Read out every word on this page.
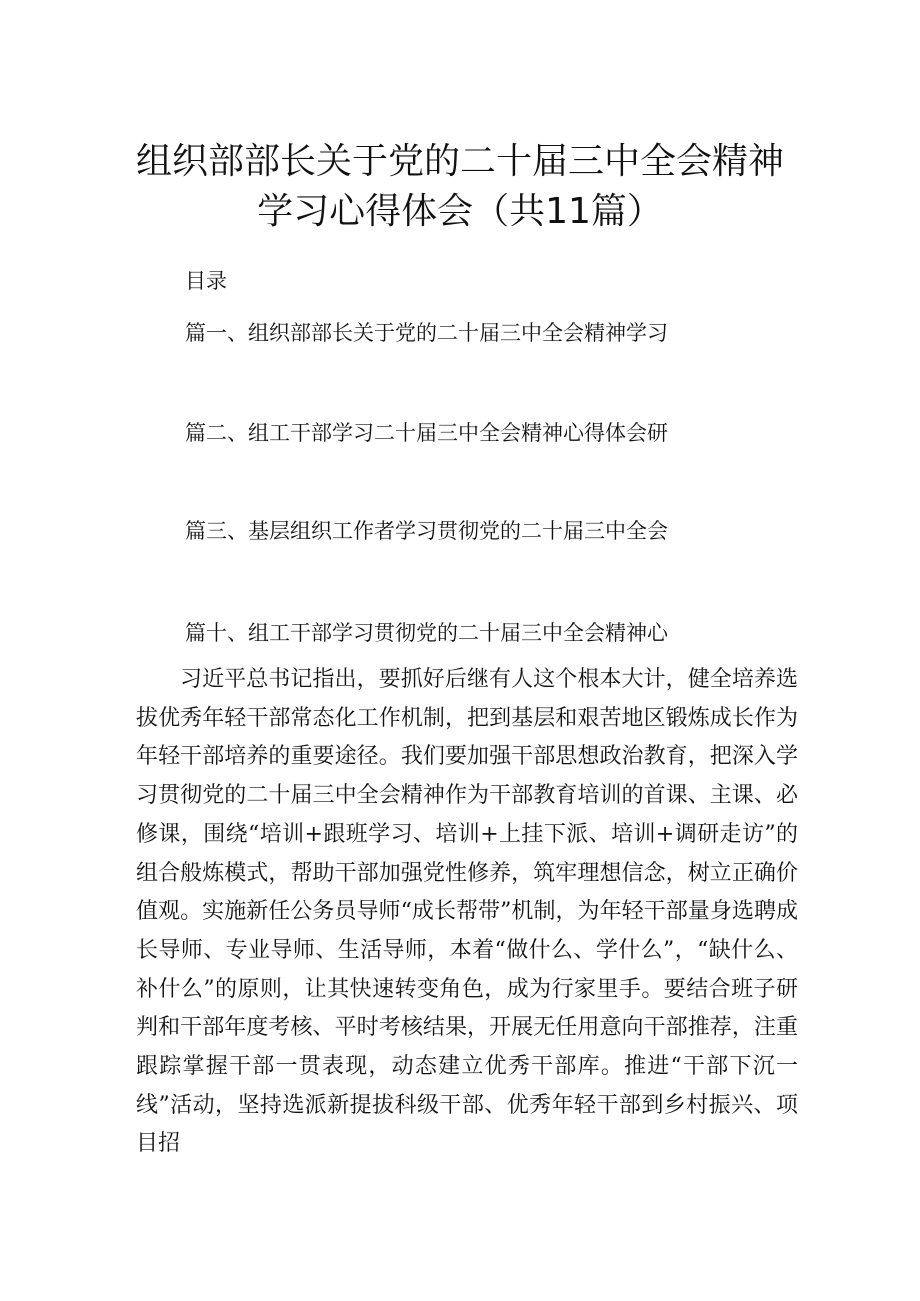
组织部部长关于党的二十届三中全会精神
学习心得体会（共11篇）
目录
篇一、组织部部长关于党的二十届三中全会精神学习
篇二、组工干部学习二十届三中全会精神心得体会研
篇三、基层组织工作者学习贯彻党的二十届三中全会
篇十、组工干部学习贯彻党的二十届三中全会精神心

习近平总书记指出，要抓好后继有人这个根本大计，健全培养选拔优秀年轻干部常态化工作机制，把到基层和艰苦地区锻炼成长作为年轻干部培养的重要途径。我们要加强干部思想政治教育，把深入学习贯彻党的二十届三中全会精神作为干部教育培训的首课、主课、必修课，围绕“培训+跟班学习、培训+上挂下派、培训+调研走访”的组合般炼模式，帮助干部加强党性修养，筑牢理想信念，树立正确价值观。实施新任公务员导师“成长帮带”机制，为年轻干部量身选聘成长导师、专业导师、生活导师，本着“做什么、学什么”，“缺什么、补什么”的原则，让其快速转变角色，成为行家里手。要结合班子研判和干部年度考核、平时考核结果，开展无任用意向干部推荐，注重跟踪掌握干部一贯表现，动态建立优秀干部库。推进“干部下沉一线”活动，坚持选派新提拔科级干部、优秀年轻干部到乡村振兴、项目招
